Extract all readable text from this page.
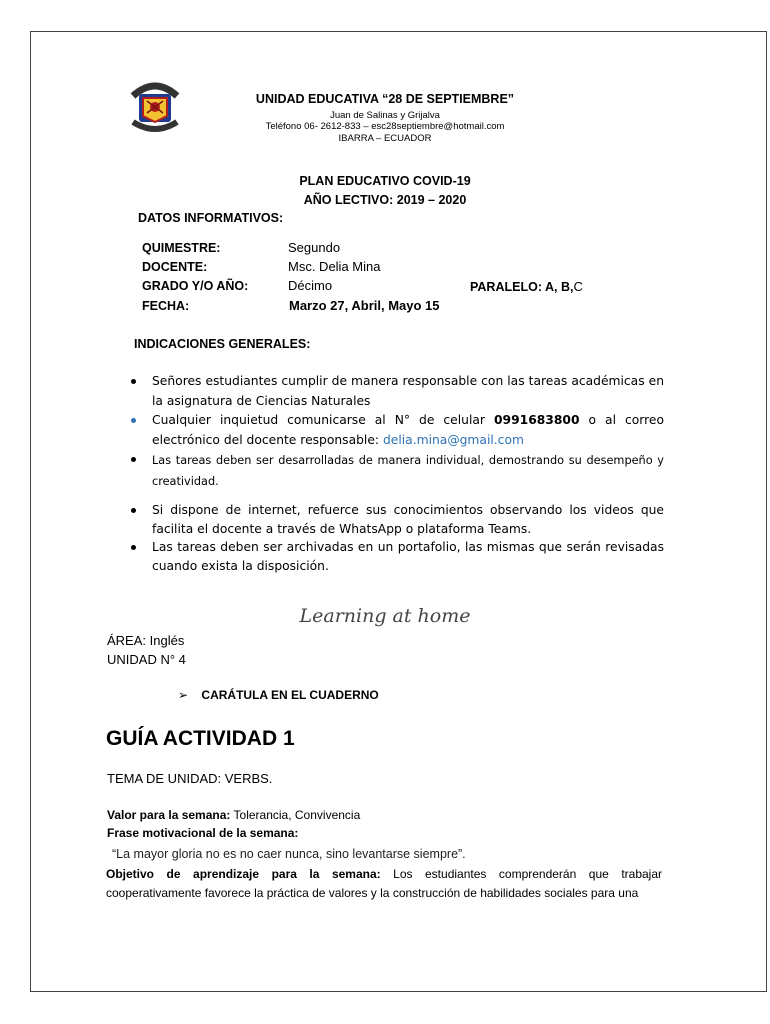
UNIDAD EDUCATIVA “28 DE SEPTIEMBRE”
Juan de Salinas y Grijalva
Teléfono 06- 2612-833 – esc28septiembre@hotmail.com
IBARRA – ECUADOR
PLAN EDUCATIVO COVID-19
AÑO LECTIVO: 2019 – 2020
DATOS INFORMATIVOS:
QUIMESTRE:	Segundo
DOCENTE:	Msc. Delia Mina
GRADO Y/O AÑO:	Décimo	PARALELO: A, B,C
FECHA:	Marzo 27, Abril, Mayo 15
INDICACIONES GENERALES:
Señores estudiantes cumplir de manera responsable con las tareas académicas en la asignatura de Ciencias Naturales
Cualquier inquietud comunicarse al N° de celular 0991683800 o al correo electrónico del docente responsable: delia.mina@gmail.com
Las tareas deben ser desarrolladas de manera individual, demostrando su desempeño y creatividad.
Si dispone de internet, refuerce sus conocimientos observando los videos que facilita el docente a través de WhatsApp o plataforma Teams.
Las tareas deben ser archivadas en un portafolio, las mismas que serán revisadas cuando exista la disposición.
Learning at home
ÁREA: Inglés
UNIDAD N° 4
➢ CARÁTULA EN EL CUADERNO
GUÍA ACTIVIDAD 1
TEMA DE UNIDAD: VERBS.
Valor para la semana: Tolerancia, Convivencia
Frase motivacional de la semana:
“La mayor gloria no es no caer nunca, sino levantarse siempre”.
Objetivo de aprendizaje para la semana: Los estudiantes comprenderán que trabajar cooperativamente favorece la práctica de valores y la construcción de habilidades sociales para una
